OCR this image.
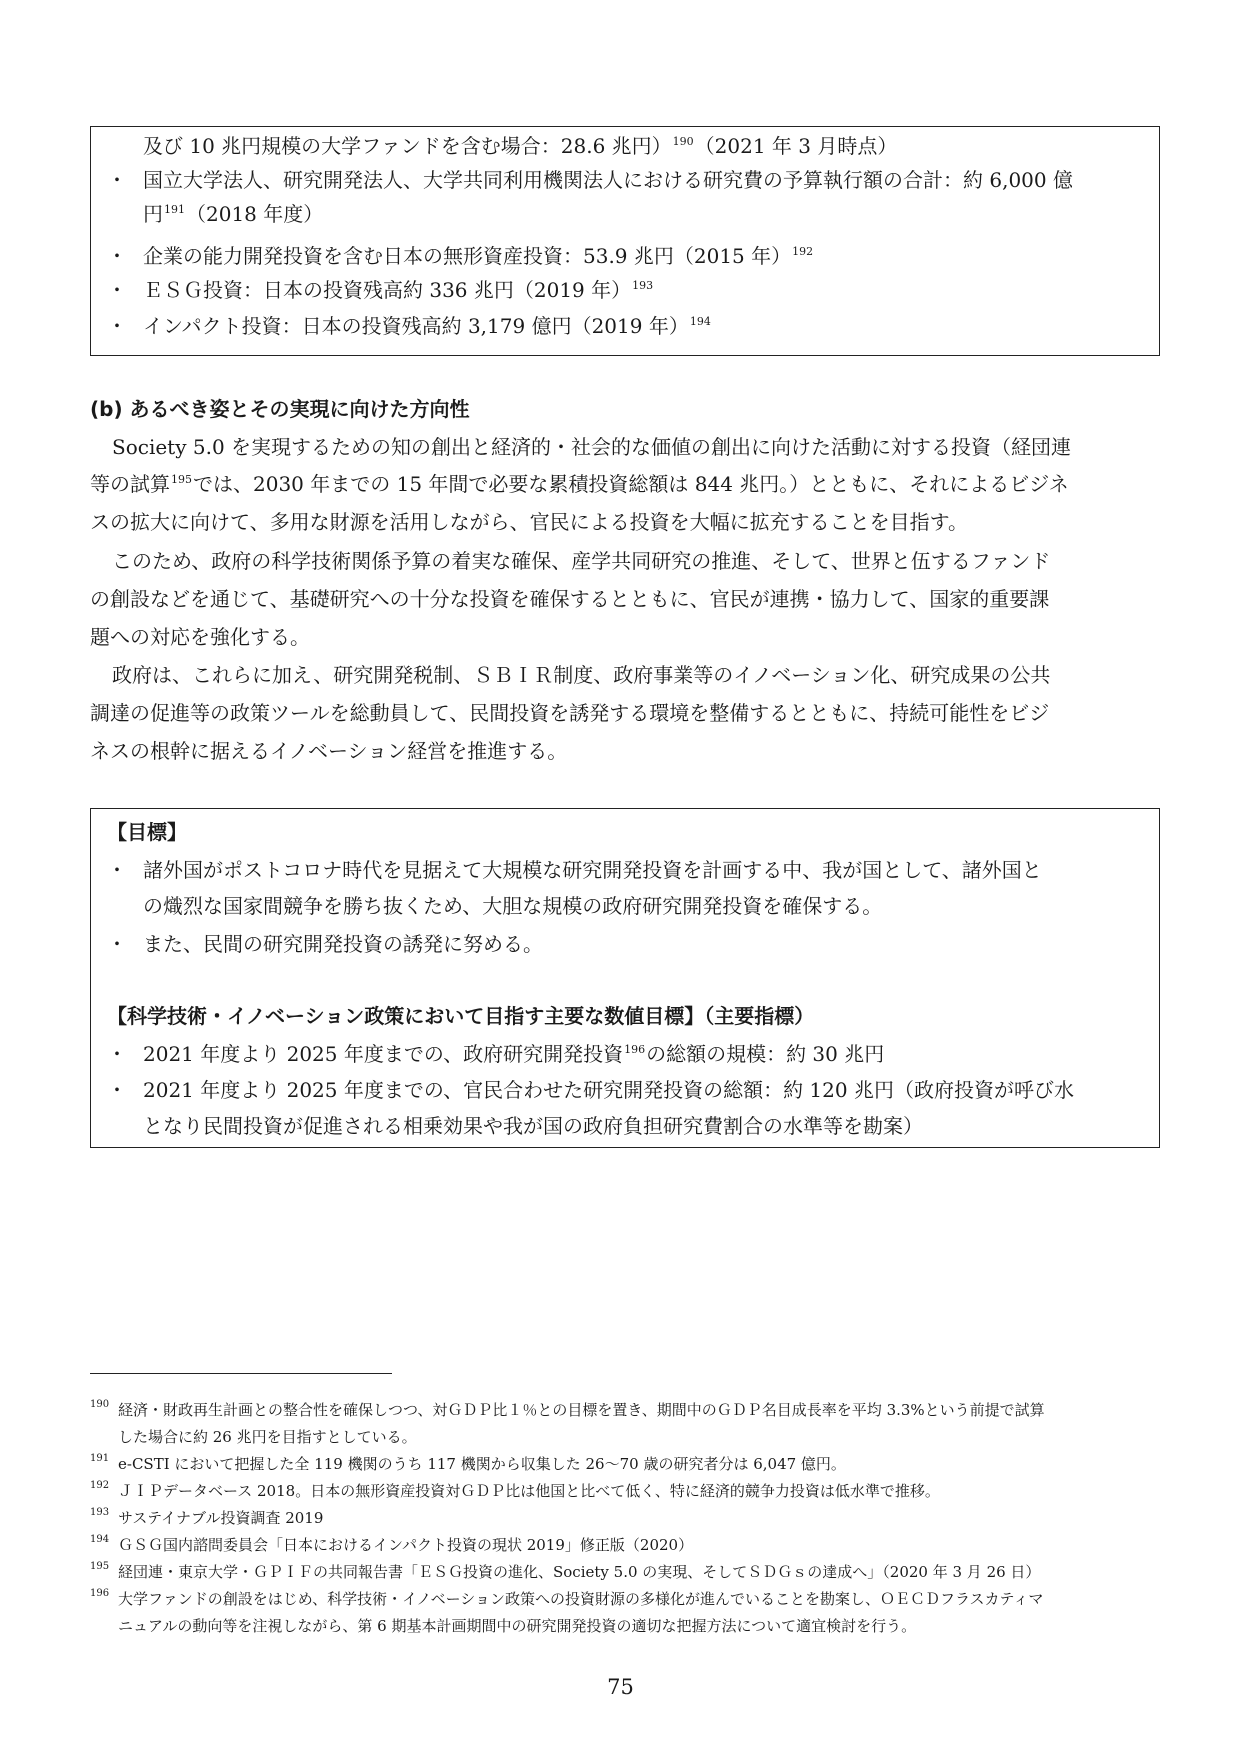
及び 10 兆円規模の大学ファンドを含む場合：28.6 兆円）$^{190}$（2021 年 3 月時点）
・ 国立大学法人、研究開発法人、大学共同利用機関法人における研究費の予算執行額の合計：約 6,000 億
円$^{191}$（2018 年度）
・ 企業の能力開発投資を含む日本の無形資産投資：53.9 兆円（2015 年）$^{192}$
・ ＥＳＧ投資：日本の投資残高約 336 兆円（2019 年）$^{193}$
・ インパクト投資：日本の投資残高約 3,179 億円（2019 年）$^{194}$
(b) あるべき姿とその実現に向けた方向性
Society 5.0 を実現するための知の創出と経済的・社会的な価値の創出に向けた活動に対する投資（経団連
等の試算$^{195}$では、2030 年までの 15 年間で必要な累積投資総額は 844 兆円。）とともに、それによるビジネ
スの拡大に向けて、多用な財源を活用しながら、官民による投資を大幅に拡充することを目指す。
このため、政府の科学技術関係予算の着実な確保、産学共同研究の推進、そして、世界と伍するファンド
の創設などを通じて、基礎研究への十分な投資を確保するとともに、官民が連携・協力して、国家的重要課
題への対応を強化する。
政府は、これらに加え、研究開発税制、ＳＢＩＲ制度、政府事業等のイノベーション化、研究成果の公共
調達の促進等の政策ツールを総動員して、民間投資を誘発する環境を整備するとともに、持続可能性をビジ
ネスの根幹に据えるイノベーション経営を推進する。
【目標】
・ 諸外国がポストコロナ時代を見据えて大規模な研究開発投資を計画する中、我が国として、諸外国と
の熾烈な国家間競争を勝ち抜くため、大胆な規模の政府研究開発投資を確保する。
・ また、民間の研究開発投資の誘発に努める。
【科学技術・イノベーション政策において目指す主要な数値目標】（主要指標）
・ 2021 年度より 2025 年度までの、政府研究開発投資$^{196}$の総額の規模：約 30 兆円
・ 2021 年度より 2025 年度までの、官民合わせた研究開発投資の総額：約 120 兆円（政府投資が呼び水
となり民間投資が促進される相乗効果や我が国の政府負担研究費割合の水準等を勘案）
190 経済・財政再生計画との整合性を確保しつつ、対ＧＤＰ比１％との目標を置き、期間中のＧＤＰ名目成長率を平均 3.3%という前提で試算
した場合に約 26 兆円を目指すとしている。
191 e-CSTI において把握した全 119 機関のうち 117 機関から収集した 26〜70 歳の研究者分は 6,047 億円。
192 ＪＩＰデータベース 2018。日本の無形資産投資対ＧＤＰ比は他国と比べて低く、特に経済的競争力投資は低水準で推移。
193 サステイナブル投資調査 2019
194 ＧＳＧ国内諮問委員会「日本におけるインパクト投資の現状 2019」修正版（2020）
195 経団連・東京大学・ＧＰＩＦの共同報告書「ＥＳＧ投資の進化、Society 5.0 の実現、そしてＳＤＧｓの達成へ」（2020 年 3 月 26 日）
196 大学ファンドの創設をはじめ、科学技術・イノベーション政策への投資財源の多様化が進んでいることを勘案し、ＯＥＣＤフラスカティマ
ニュアルの動向等を注視しながら、第 6 期基本計画期間中の研究開発投資の適切な把握方法について適宜検討を行う。
75
